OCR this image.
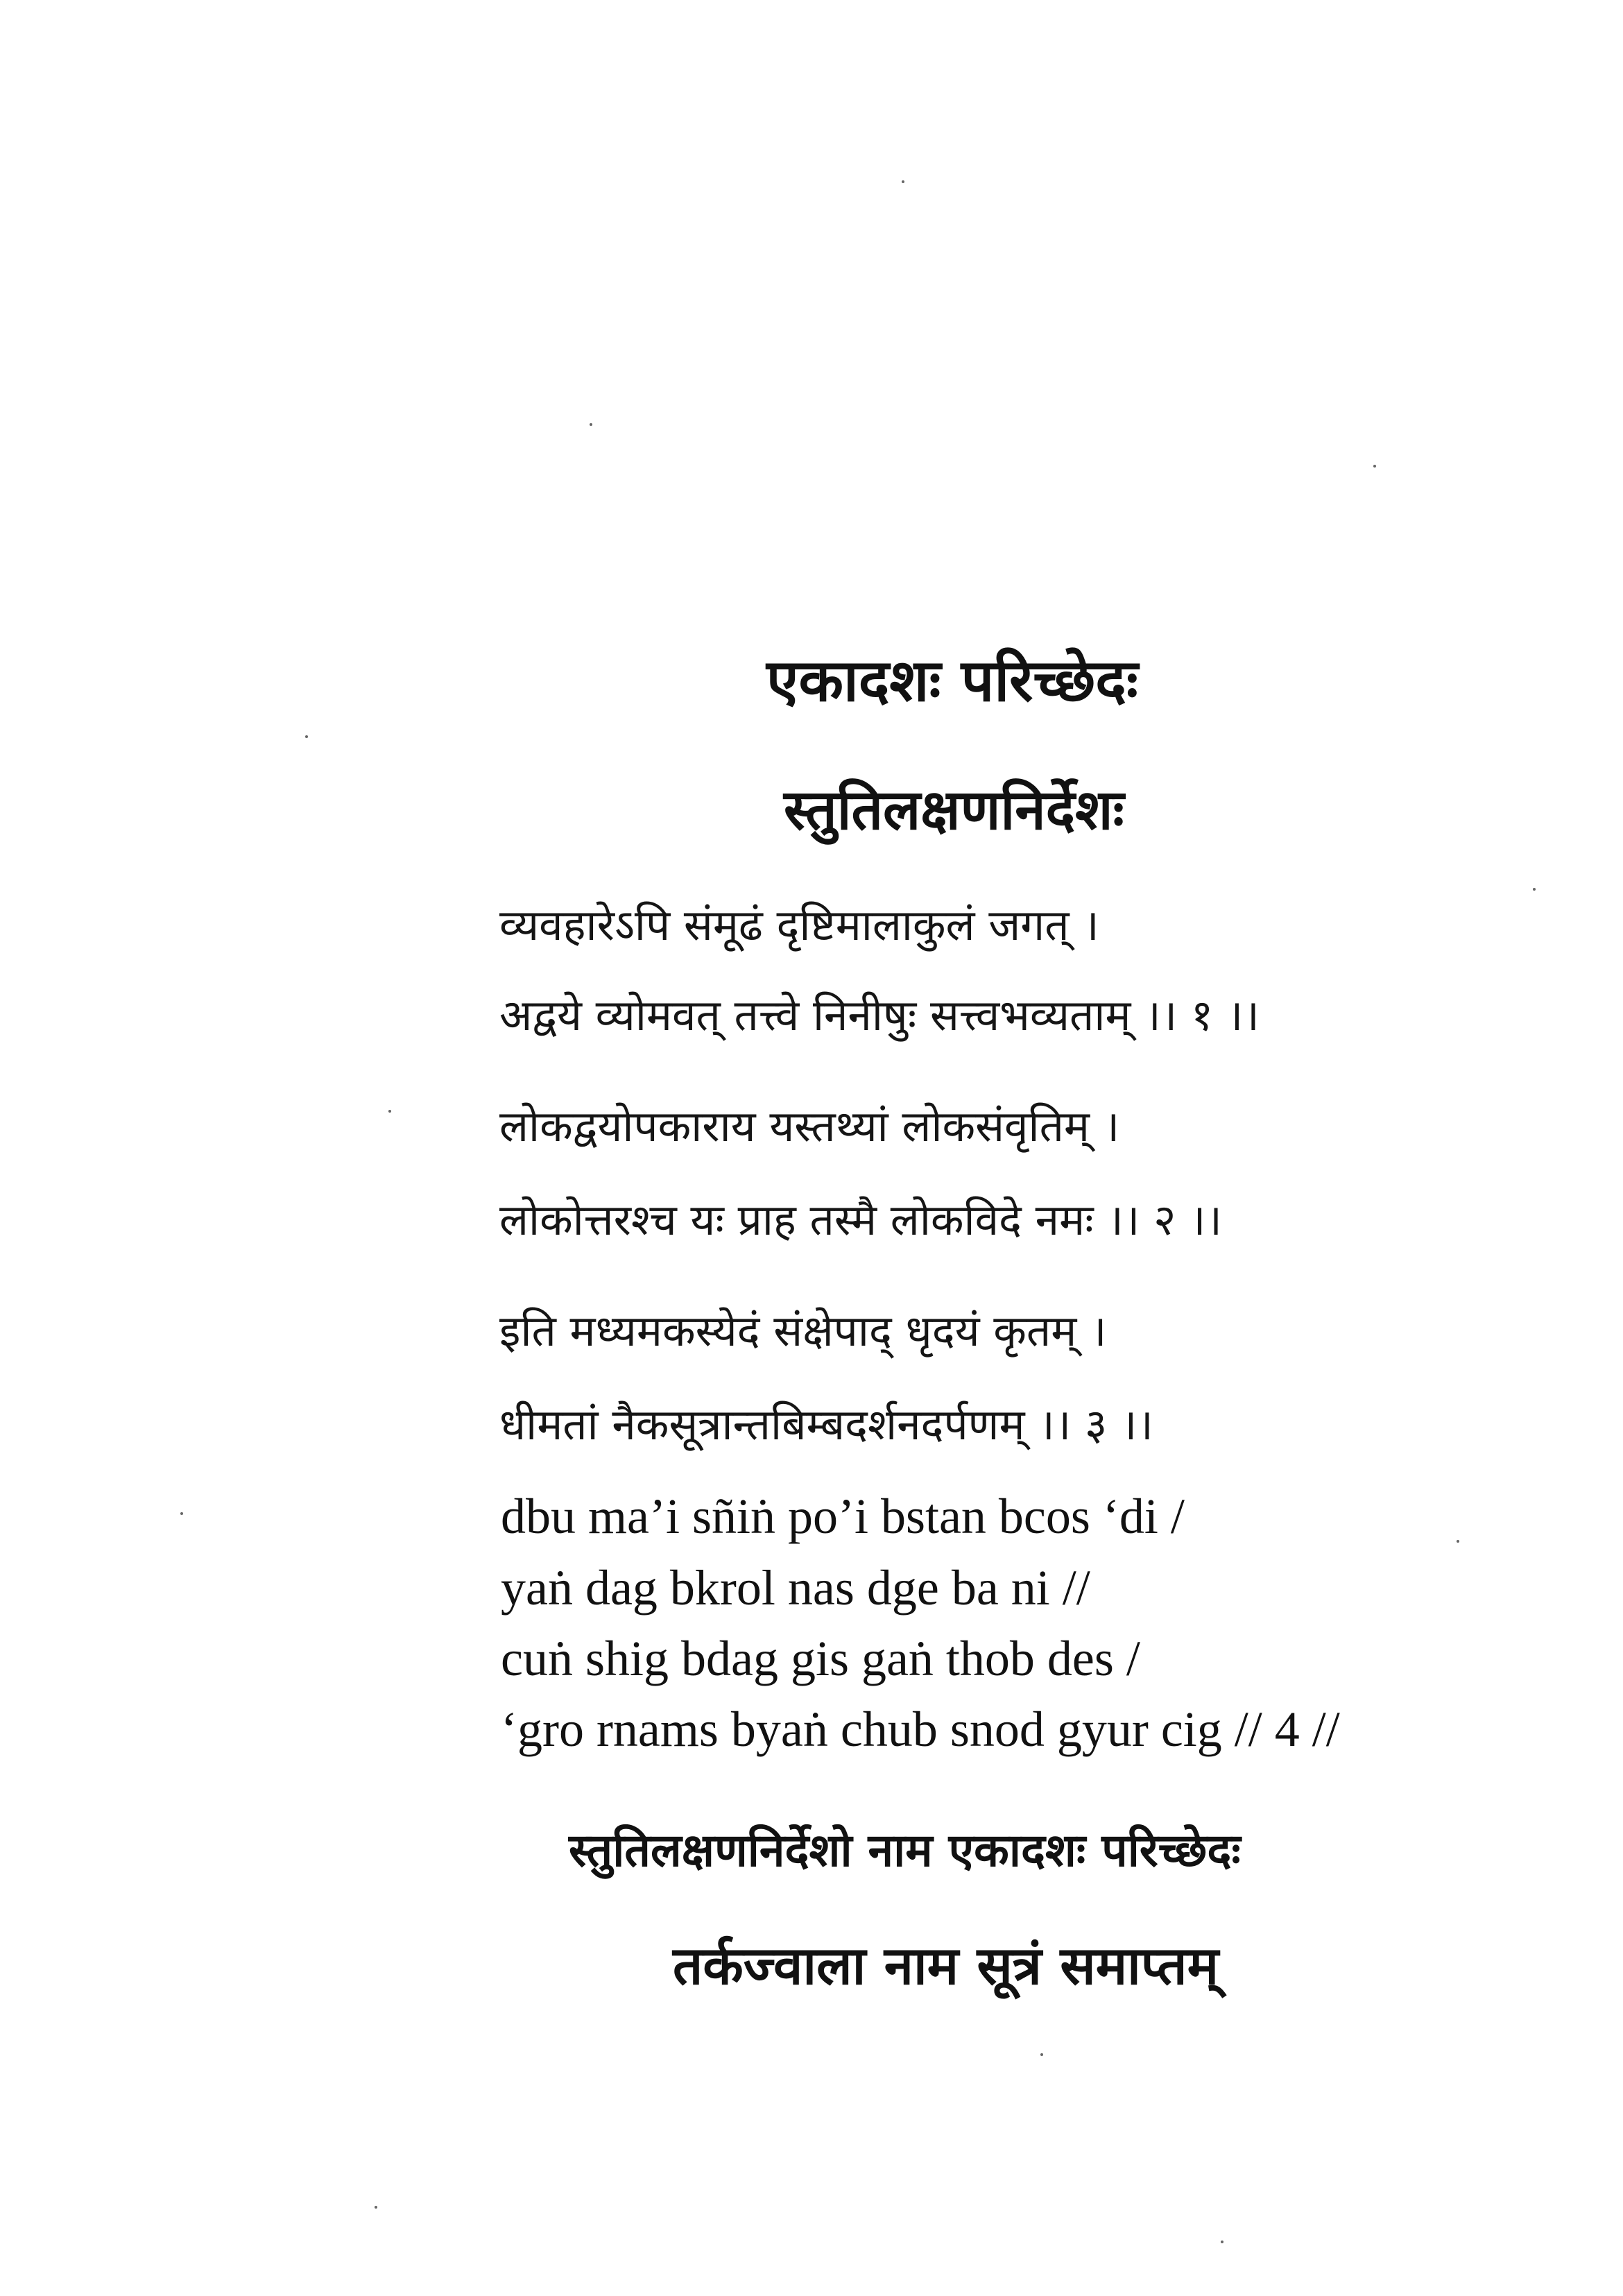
एकादशः परिच्छेदः
स्तुतिलक्षणनिर्देशः
व्यवहारेऽपि संमूढं दृष्टिमालाकुलं जगत् ।
अद्वये व्योमवत् तत्त्वे निनीषुः सत्त्वभव्यताम् ।। १ ।।
लोकद्वयोपकाराय यस्तथ्यां लोकसंवृतिम् ।
लोकोत्तरश्च यः प्राह तस्मै लोकविदे नमः ।। २ ।।
इति मध्यमकस्येदं संक्षेपाद् धृदयं कृतम् ।
धीमतां नैकसूत्रान्तबिम्बदर्शनदर्पणम् ।। ३ ।।
dbu ma’i sñiṅ po’i bstan bcos ‘di /
yaṅ dag bkrol nas dge ba ni //
cuṅ shig bdag gis gaṅ thob des /
‘gro rnams byaṅ chub snod gyur cig // 4 //
स्तुतिलक्षणनिर्देशो नाम एकादशः परिच्छेदः
तर्कज्वाला नाम सूत्रं समाप्तम्
